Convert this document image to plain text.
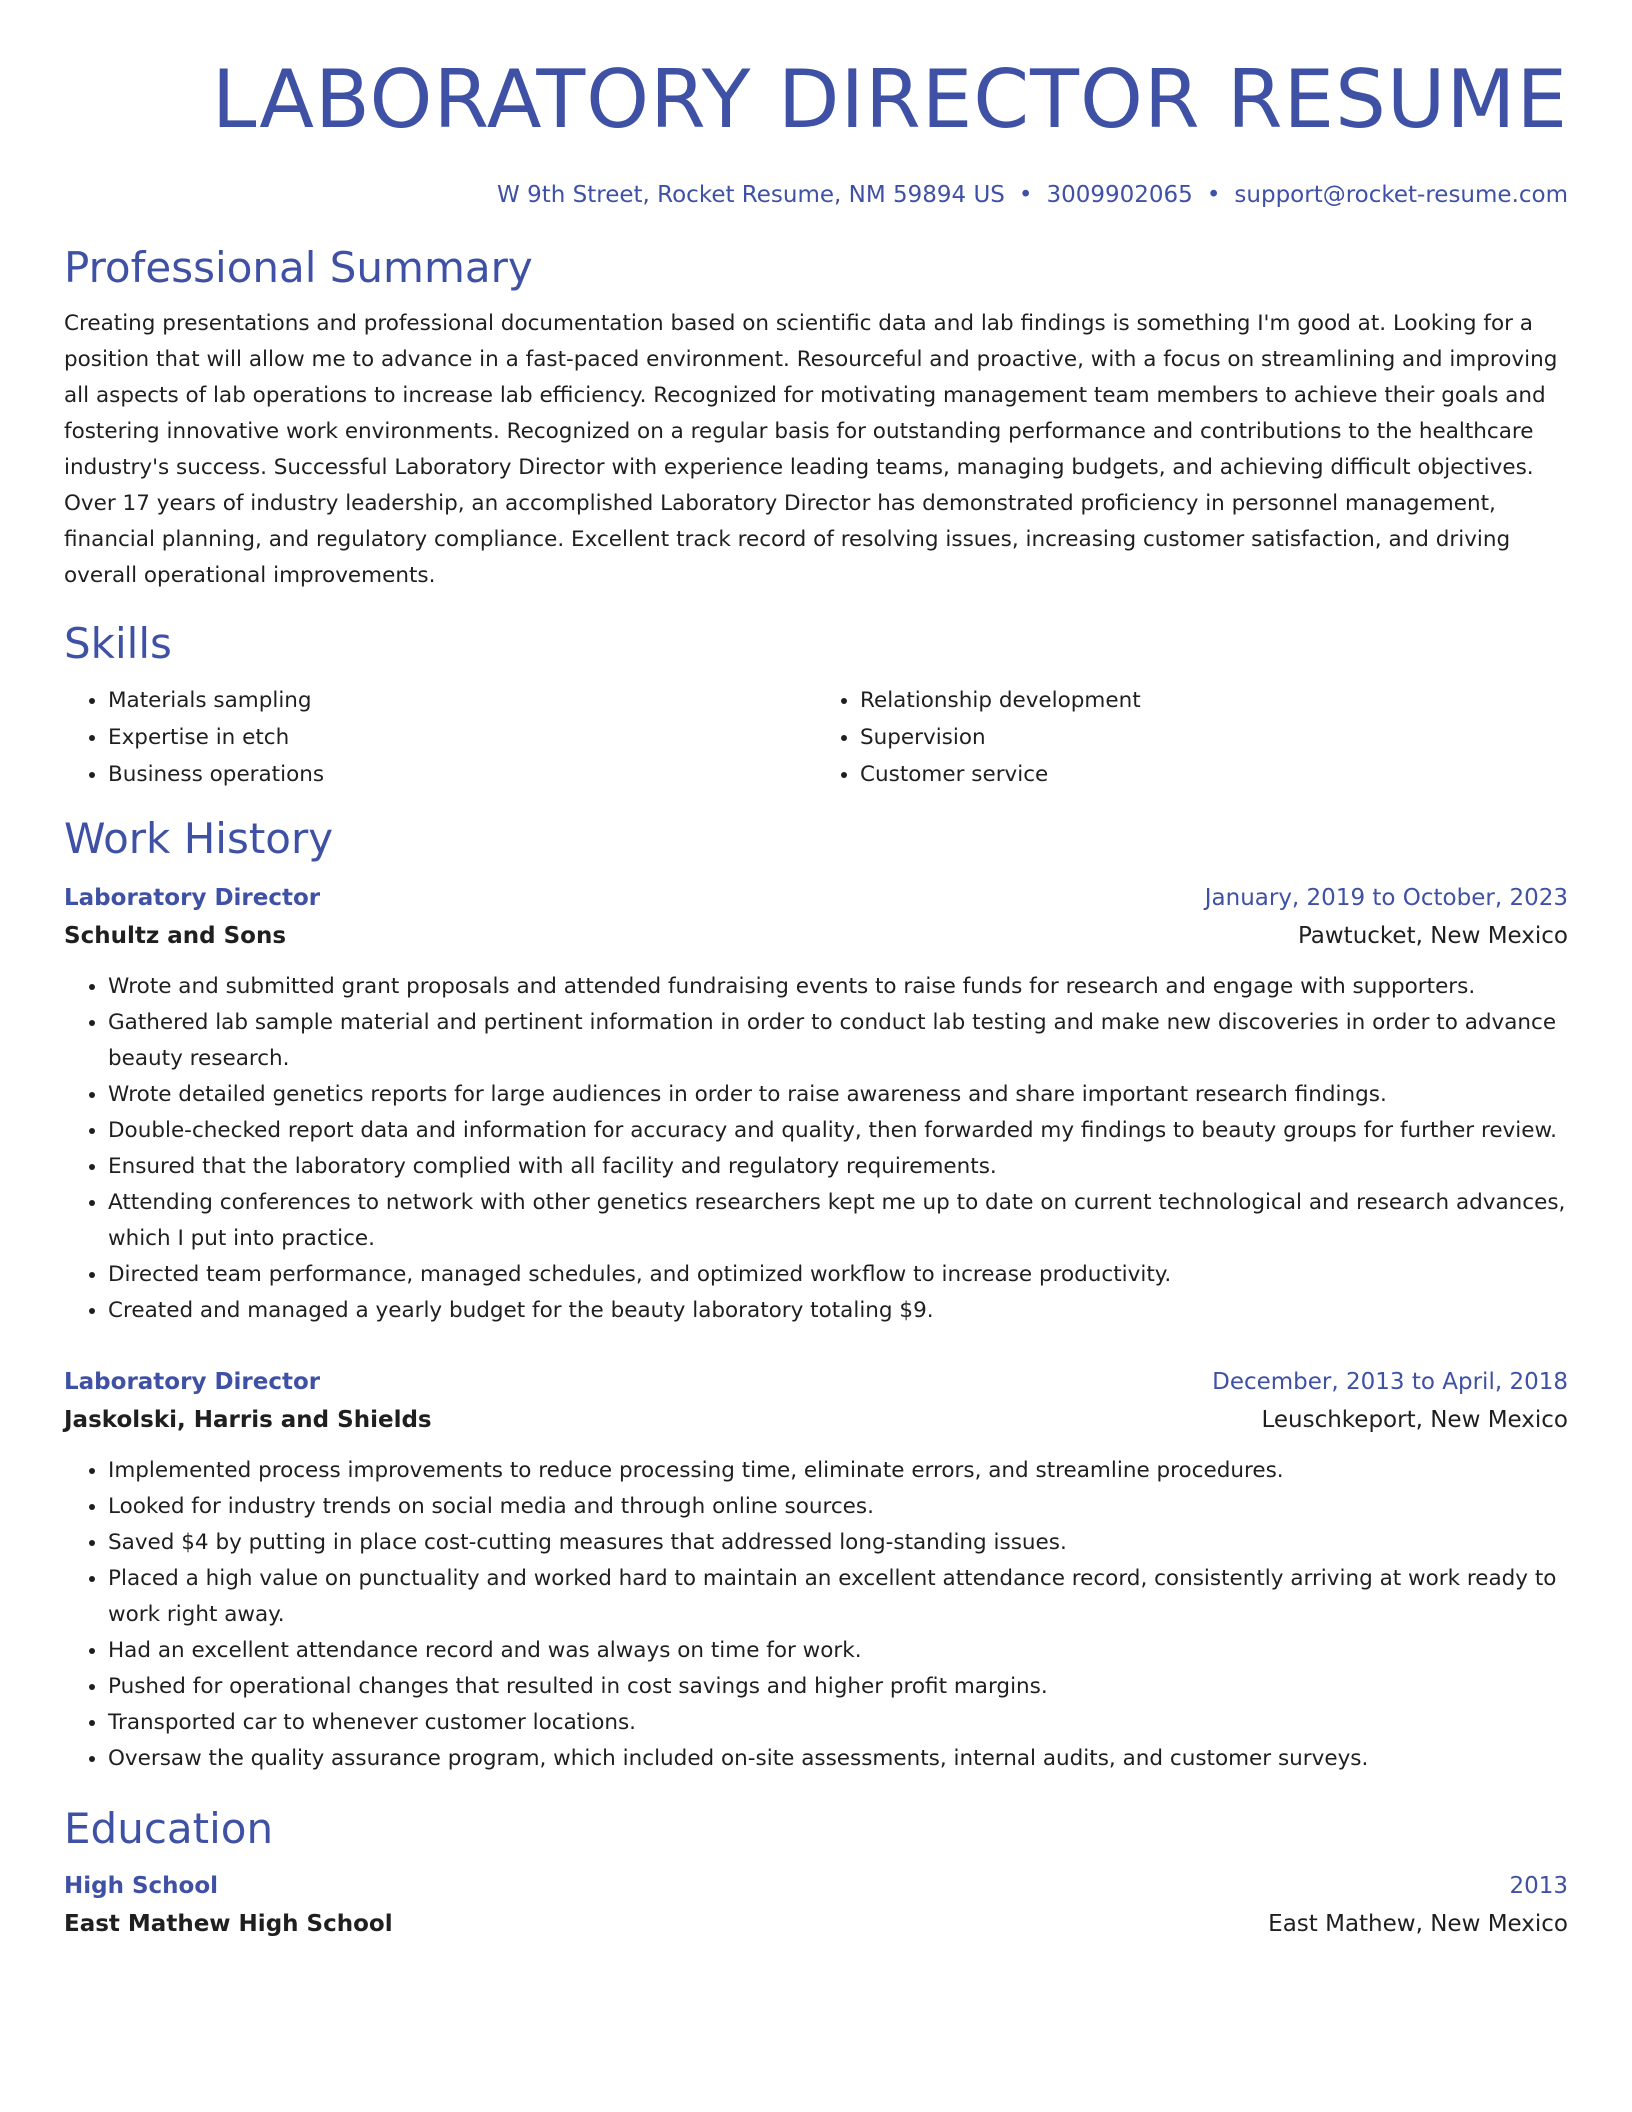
LABORATORY DIRECTOR RESUME
W 9th Street, Rocket Resume, NM 59894 US • 3009902065 • support@rocket-resume.com
Professional Summary

Creating presentations and professional documentation based on scientific data and lab findings is something I'm good at. Looking for a position that will allow me to advance in a fast-paced environment. Resourceful and proactive, with a focus on streamlining and improving all aspects of lab operations to increase lab efficiency. Recognized for motivating management team members to achieve their goals and fostering innovative work environments. Recognized on a regular basis for outstanding performance and contributions to the healthcare industry's success. Successful Laboratory Director with experience leading teams, managing budgets, and achieving difficult objectives. Over 17 years of industry leadership, an accomplished Laboratory Director has demonstrated proficiency in personnel management, financial planning, and regulatory compliance. Excellent track record of resolving issues, increasing customer satisfaction, and driving overall operational improvements.

Skills
• Materials sampling
• Expertise in etch
• Business operations
• Relationship development
• Supervision
• Customer service
Work History
Laboratory Director	January, 2019 to October, 2023
Schultz and Sons	Pawtucket, New Mexico
• Wrote and submitted grant proposals and attended fundraising events to raise funds for research and engage with supporters.
• Gathered lab sample material and pertinent information in order to conduct lab testing and make new discoveries in order to advance beauty research.
• Wrote detailed genetics reports for large audiences in order to raise awareness and share important research findings.
• Double-checked report data and information for accuracy and quality, then forwarded my findings to beauty groups for further review.
• Ensured that the laboratory complied with all facility and regulatory requirements.
• Attending conferences to network with other genetics researchers kept me up to date on current technological and research advances, which I put into practice.
• Directed team performance, managed schedules, and optimized workflow to increase productivity.
• Created and managed a yearly budget for the beauty laboratory totaling $9.
Laboratory Director	December, 2013 to April, 2018
Jaskolski, Harris and Shields	Leuschkeport, New Mexico
• Implemented process improvements to reduce processing time, eliminate errors, and streamline procedures.
• Looked for industry trends on social media and through online sources.
• Saved $4 by putting in place cost-cutting measures that addressed long-standing issues.
• Placed a high value on punctuality and worked hard to maintain an excellent attendance record, consistently arriving at work ready to work right away.
• Had an excellent attendance record and was always on time for work.
• Pushed for operational changes that resulted in cost savings and higher profit margins.
• Transported car to whenever customer locations.
• Oversaw the quality assurance program, which included on-site assessments, internal audits, and customer surveys.
Education
High School	2013
East Mathew High School	East Mathew, New Mexico
